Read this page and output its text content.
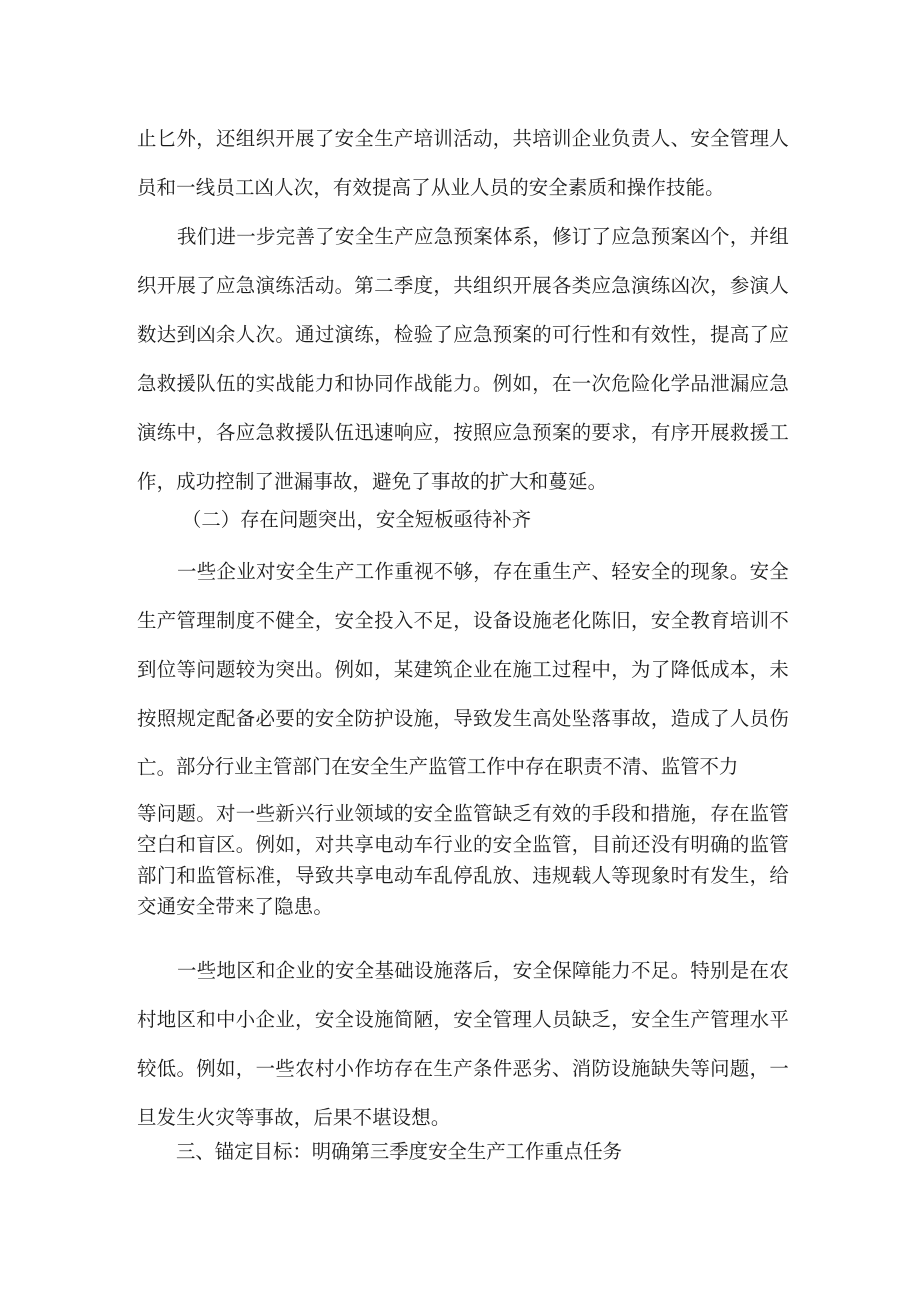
止匕外，还组织开展了安全生产培训活动，共培训企业负责人、安全管理人员和一线员工凶人次，有效提高了从业人员的安全素质和操作技能。

我们进一步完善了安全生产应急预案体系，修订了应急预案凶个，并组织开展了应急演练活动。第二季度，共组织开展各类应急演练凶次，参演人数达到凶余人次。通过演练，检验了应急预案的可行性和有效性，提高了应急救援队伍的实战能力和协同作战能力。例如，在一次危险化学品泄漏应急演练中，各应急救援队伍迅速响应，按照应急预案的要求，有序开展救援工作，成功控制了泄漏事故，避免了事故的扩大和蔓延。

（二）存在问题突出，安全短板亟待补齐

一些企业对安全生产工作重视不够，存在重生产、轻安全的现象。安全生产管理制度不健全，安全投入不足，设备设施老化陈旧，安全教育培训不到位等问题较为突出。例如，某建筑企业在施工过程中，为了降低成本，未按照规定配备必要的安全防护设施，导致发生高处坠落事故，造成了人员伤亡。 部分行业主管部门在安全生产监管工作中存在职责不清、监管不力

等问题。对一些新兴行业领域的安全监管缺乏有效的手段和措施，存在监管空白和盲区。例如，对共享电动车行业的安全监管，目前还没有明确的监管部门和监管标准，导致共享电动车乱停乱放、违规载人等现象时有发生，给交通安全带来了隐患。

一些地区和企业的安全基础设施落后，安全保障能力不足。特别是在农村地区和中小企业，安全设施简陋，安全管理人员缺乏，安全生产管理水平较低。例如，一些农村小作坊存在生产条件恶劣、消防设施缺失等问题，一旦发生火灾等事故，后果不堪设想。

三、锚定目标：明确第三季度安全生产工作重点任务
